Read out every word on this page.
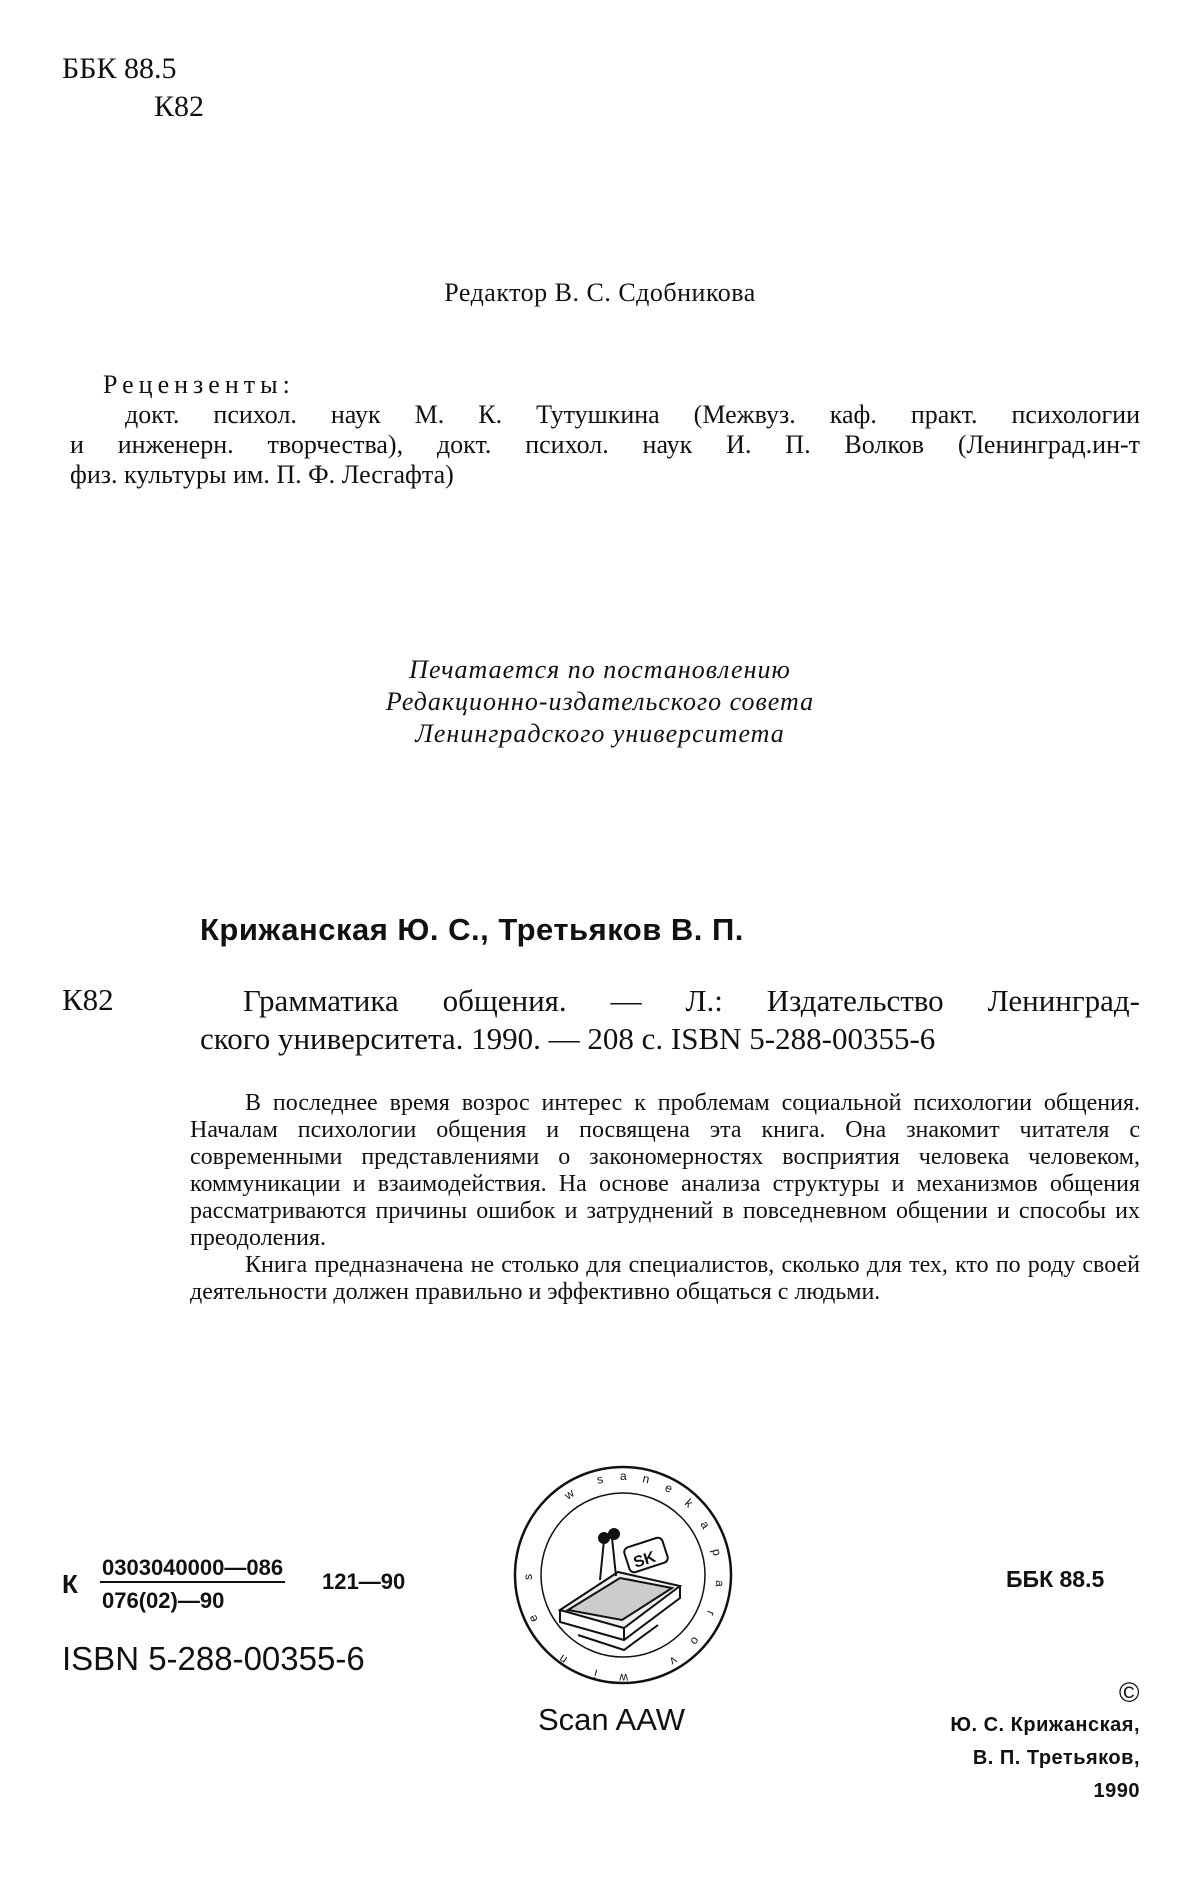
ББК 88.5
К82
Редактор В. С. Сдобникова
Рецензенты:
докт. психол. наук М. К. Тутушкина (Межвуз. каф. практ. психологии
и инженерн. творчества), докт. психол. наук И. П. Волков (Ленинград.ин-т
физ. культуры им. П. Ф. Лесгафта)
Печатается по постановлению
Редакционно-издательского совета
Ленинградского университета
Крижанская Ю. С., Третьяков В. П.
К82	Грамматика общения. — Л.: Издательство Ленинград-
ского университета. 1990. — 208 с. ISBN 5-288-00355-6

В последнее время возрос интерес к проблемам социальной психологии общения. Началам психологии общения и посвящена эта книга. Она знакомит читателя с современными представлениями о закономерностях восприятия человека человеком, коммуникации и взаимодействия. На основе анализа структуры и механизмов общения рассматриваются причины ошибок и затруднений в повседневном общении и способы их преодоления.

Книга предназначена не столько для специалистов, сколько для тех, кто по роду своей деятельности должен правильно и эффективно общаться с людьми.

К
0303040000—086
076(02)—90
121—90
ISBN 5-288-00355-6
ББК 88.5
w
s a n
e
k
a
p
a
r
o
v
w
i
n
e
s
SK
Scan AAW
©
Ю. С. Крижанская,
В. П. Третьяков,
1990
